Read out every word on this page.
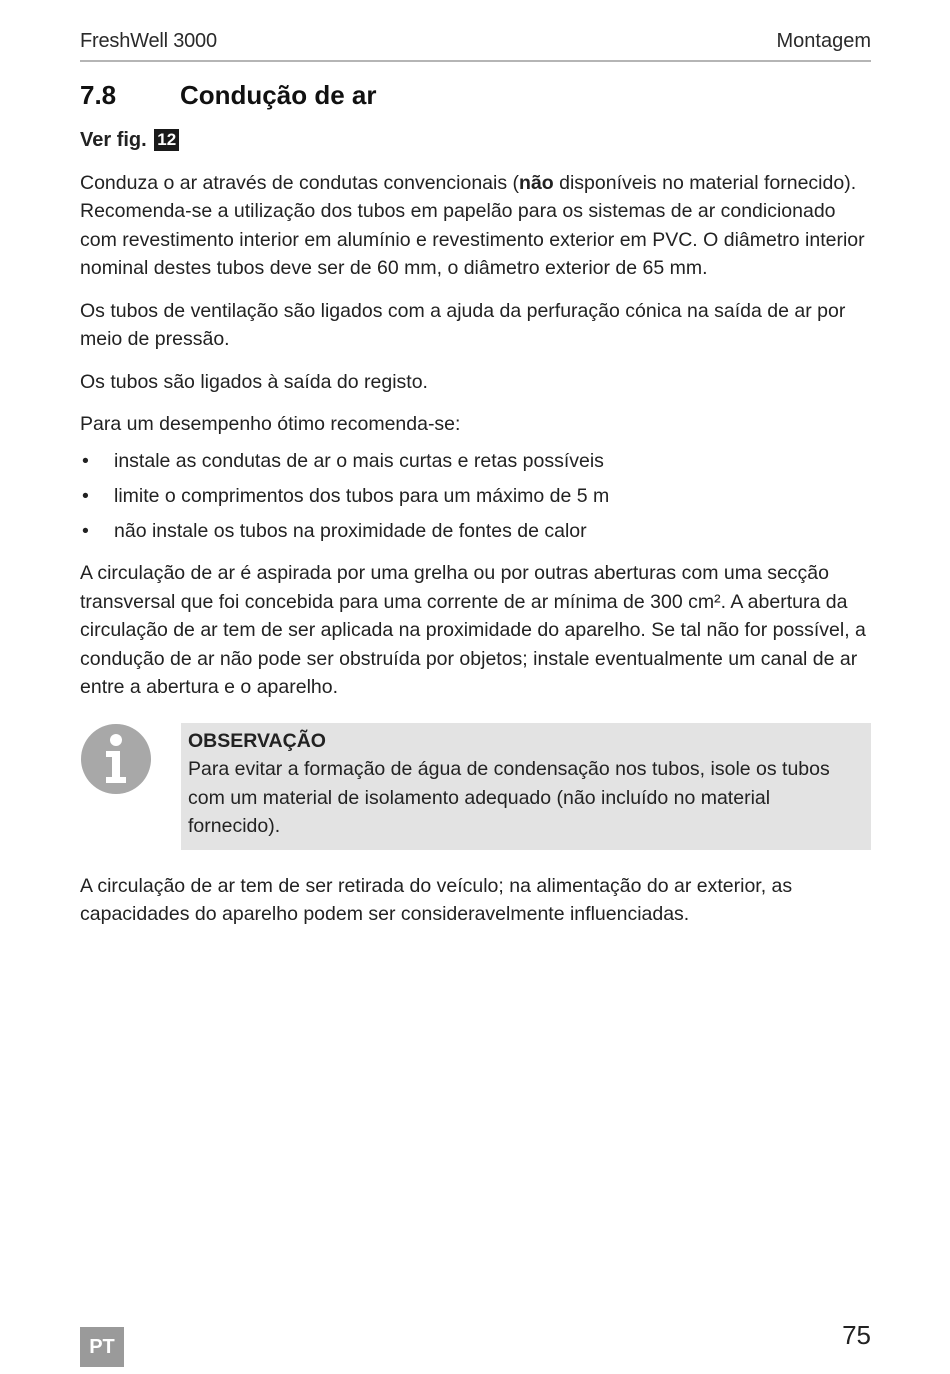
FreshWell 3000	Montagem
7.8 Condução de ar
Ver fig. 12

Conduza o ar através de condutas convencionais (não disponíveis no material fornecido). Recomenda-se a utilização dos tubos em papelão para os sistemas de ar condicionado com revestimento interior em alumínio e revestimento exterior em PVC. O diâmetro interior nominal destes tubos deve ser de 60 mm, o diâmetro exterior de 65 mm.

Os tubos de ventilação são ligados com a ajuda da perfuração cónica na saída de ar por meio de pressão.

Os tubos são ligados à saída do registo.

Para um desempenho ótimo recomenda-se:

• instale as condutas de ar o mais curtas e retas possíveis
• limite o comprimentos dos tubos para um máximo de 5 m
• não instale os tubos na proximidade de fontes de calor

A circulação de ar é aspirada por uma grelha ou por outras aberturas com uma secção transversal que foi concebida para uma corrente de ar mínima de 300 cm². A abertura da circulação de ar tem de ser aplicada na proximidade do aparelho. Se tal não for possível, a condução de ar não pode ser obstruída por objetos; instale eventualmente um canal de ar entre a abertura e o aparelho.

OBSERVAÇÃO
Para evitar a formação de água de condensação nos tubos, isole os tubos com um material de isolamento adequado (não incluído no material fornecido).

A circulação de ar tem de ser retirada do veículo; na alimentação do ar exterior, as capacidades do aparelho podem ser consideravelmente influenciadas.

PT	75
